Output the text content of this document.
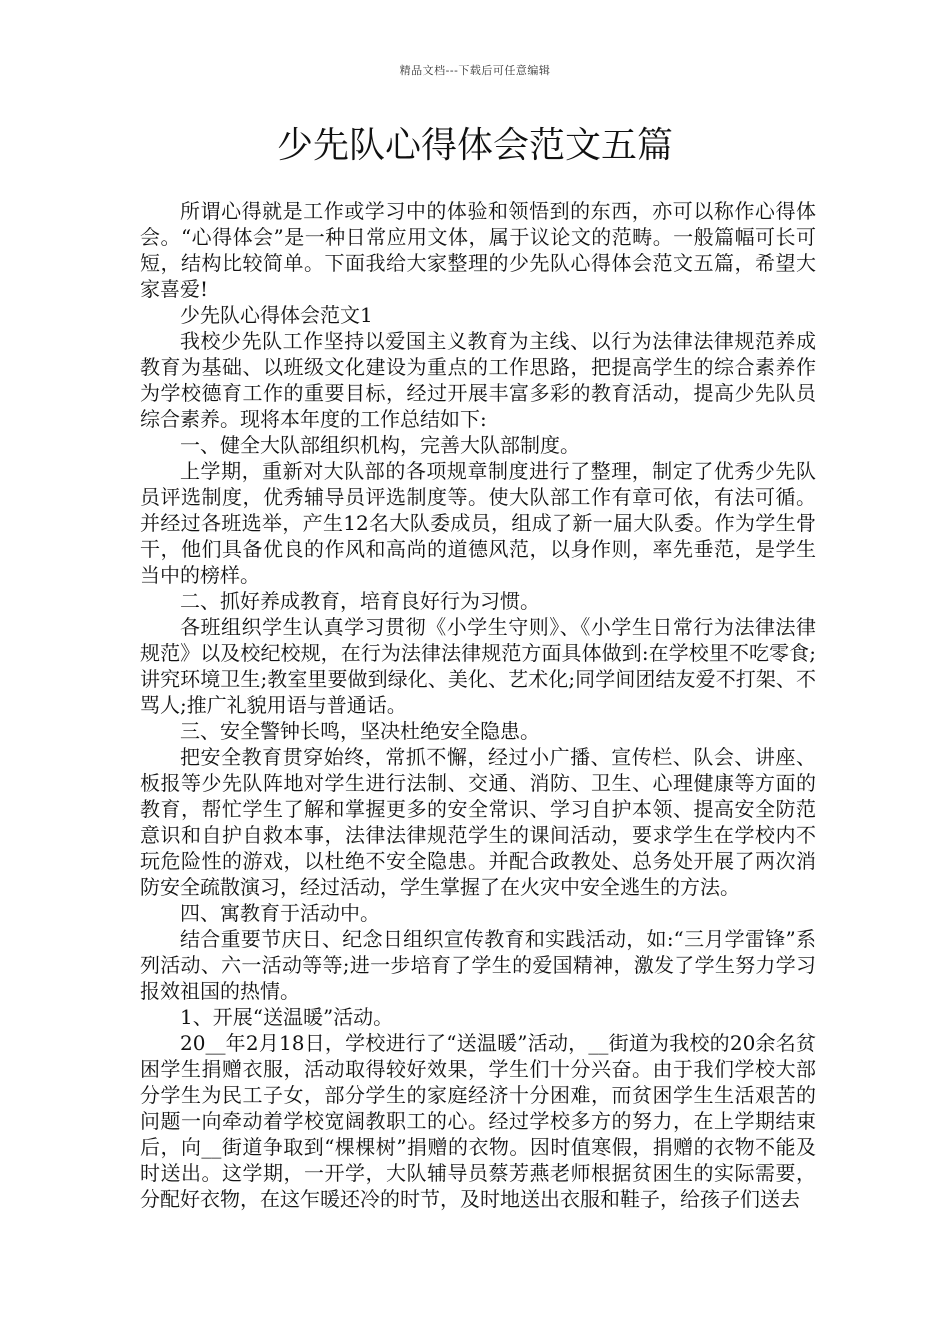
精品文档---下载后可任意编辑
少先队心得体会范文五篇

所谓心得就是工作或学习中的体验和领悟到的东西，亦可以称作心得体会。“心得体会”是一种日常应用文体，属于议论文的范畴。一般篇幅可长可短，结构比较简单。下面我给大家整理的少先队心得体会范文五篇，希望大家喜爱!

少先队心得体会范文1

我校少先队工作坚持以爱国主义教育为主线、以行为法律法律规范养成教育为基础、以班级文化建设为重点的工作思路，把提高学生的综合素养作为学校德育工作的重要目标，经过开展丰富多彩的教育活动，提高少先队员综合素养。现将本年度的工作总结如下:

一、健全大队部组织机构，完善大队部制度。

上学期，重新对大队部的各项规章制度进行了整理，制定了优秀少先队员评选制度，优秀辅导员评选制度等。使大队部工作有章可依，有法可循。并经过各班选举，产生12名大队委成员，组成了新一届大队委。作为学生骨干，他们具备优良的作风和高尚的道德风范，以身作则，率先垂范，是学生当中的榜样。

二、抓好养成教育，培育良好行为习惯。

各班组织学生认真学习贯彻《小学生守则》、《小学生日常行为法律法律规范》以及校纪校规，在行为法律法律规范方面具体做到:在学校里不吃零食;讲究环境卫生;教室里要做到绿化、美化、艺术化;同学间团结友爱不打架、不骂人;推广礼貌用语与普通话。

三、安全警钟长鸣，坚决杜绝安全隐患。

把安全教育贯穿始终，常抓不懈，经过小广播、宣传栏、队会、讲座、板报等少先队阵地对学生进行法制、交通、消防、卫生、心理健康等方面的教育，帮忙学生了解和掌握更多的安全常识、学习自护本领、提高安全防范意识和自护自救本事，法律法律规范学生的课间活动，要求学生在学校内不玩危险性的游戏，以杜绝不安全隐患。并配合政教处、总务处开展了两次消防安全疏散演习，经过活动，学生掌握了在火灾中安全逃生的方法。

四、寓教育于活动中。

结合重要节庆日、纪念日组织宣传教育和实践活动，如:“三月学雷锋”系列活动、六一活动等等;进一步培育了学生的爱国精神，激发了学生努力学习报效祖国的热情。

1、开展“送温暖”活动。

20__年2月18日，学校进行了“送温暖”活动，__街道为我校的20余名贫困学生捐赠衣服，活动取得较好效果，学生们十分兴奋。由于我们学校大部分学生为民工子女，部分学生的家庭经济十分困难，而贫困学生生活艰苦的问题一向牵动着学校宽阔教职工的心。经过学校多方的努力，在上学期结束后，向__街道争取到“棵棵树”捐赠的衣物。因时值寒假，捐赠的衣物不能及时送出。这学期，一开学，大队辅导员蔡芳燕老师根据贫困生的实际需要，分配好衣物，在这乍暖还冷的时节，及时地送出衣服和鞋子，给孩子们送去
